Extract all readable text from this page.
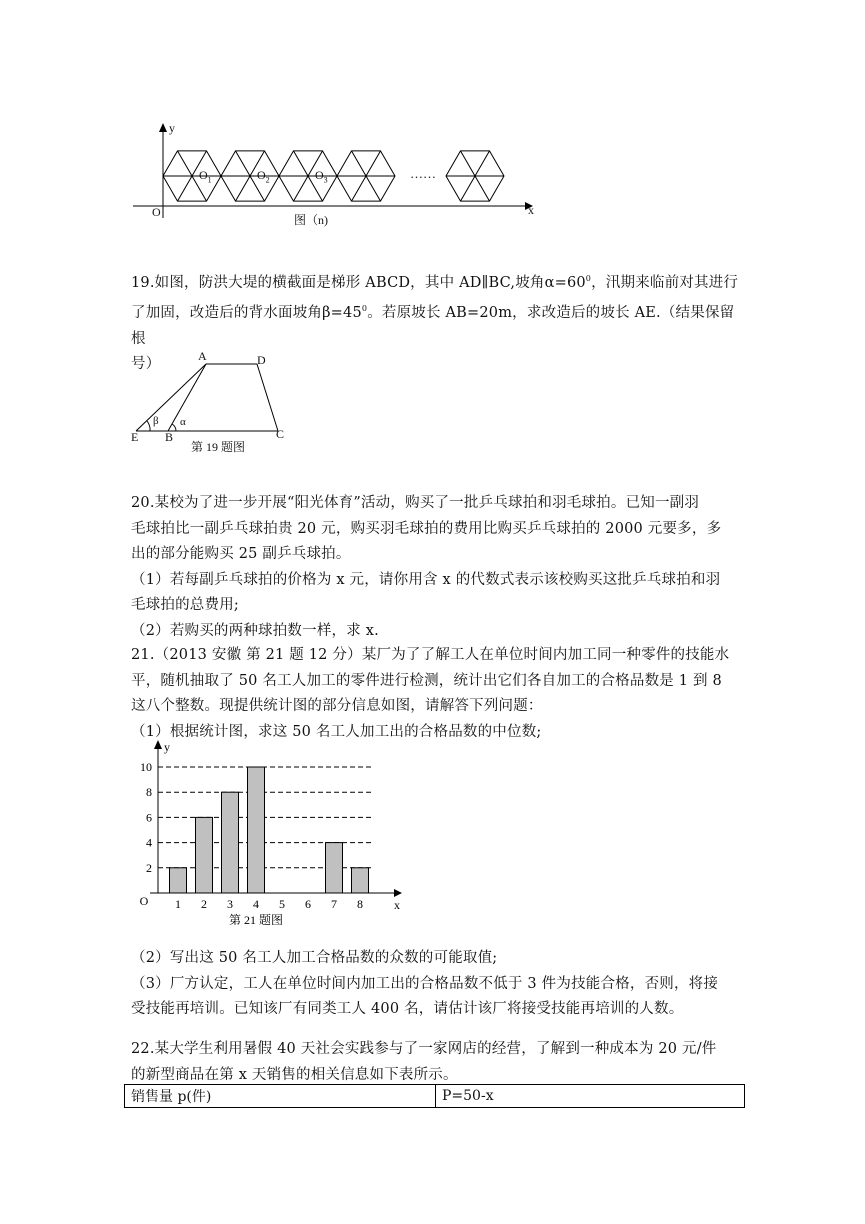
y
x
O
$O_1$	$O_2$	$O_3$	……
图（n)
19.如图，防洪大堤的横截面是梯形 ABCD，其中 AD∥BC,坡角$\alpha=60^0$，汛期来临前对其进行
了加固，改造后的背水面坡角$\beta=45^0$。若原坡长 AB=20m，求改造后的坡长 AE.（结果保留根
号）
A	D
E B	C
β α
第 19 题图
20.某校为了进一步开展“阳光体育”活动，购买了一批乒乓球拍和羽毛球拍。已知一副羽
毛球拍比一副乒乓球拍贵 20 元，购买羽毛球拍的费用比购买乒乓球拍的 2000 元要多，多
出的部分能购买 25 副乒乓球拍。
（1）若每副乒乓球拍的价格为 x 元，请你用含 x 的代数式表示该校购买这批乒乓球拍和羽
毛球拍的总费用;
（2）若购买的两种球拍数一样，求 x.
21.（2013 安徽 第 21 题 12 分）某厂为了了解工人在单位时间内加工同一种零件的技能水
平，随机抽取了 50 名工人加工的零件进行检测，统计出它们各自加工的合格品数是 1 到 8
这八个整数。现提供统计图的部分信息如图，请解答下列问题：
（1）根据统计图，求这 50 名工人加工出的合格品数的中位数;
2
4
6
8
10
1 2 3 4 5 6 7 8
O
y
x
第 21 题图
（2）写出这 50 名工人加工合格品数的众数的可能取值;
（3）厂方认定，工人在单位时间内加工出的合格品数不低于 3 件为技能合格，否则，将接
受技能再培训。已知该厂有同类工人 400 名，请估计该厂将接受技能再培训的人数。
22.某大学生利用暑假 40 天社会实践参与了一家网店的经营，了解到一种成本为 20 元/件
的新型商品在第 x 天销售的相关信息如下表所示。
销售量 p(件)	P=50-x
